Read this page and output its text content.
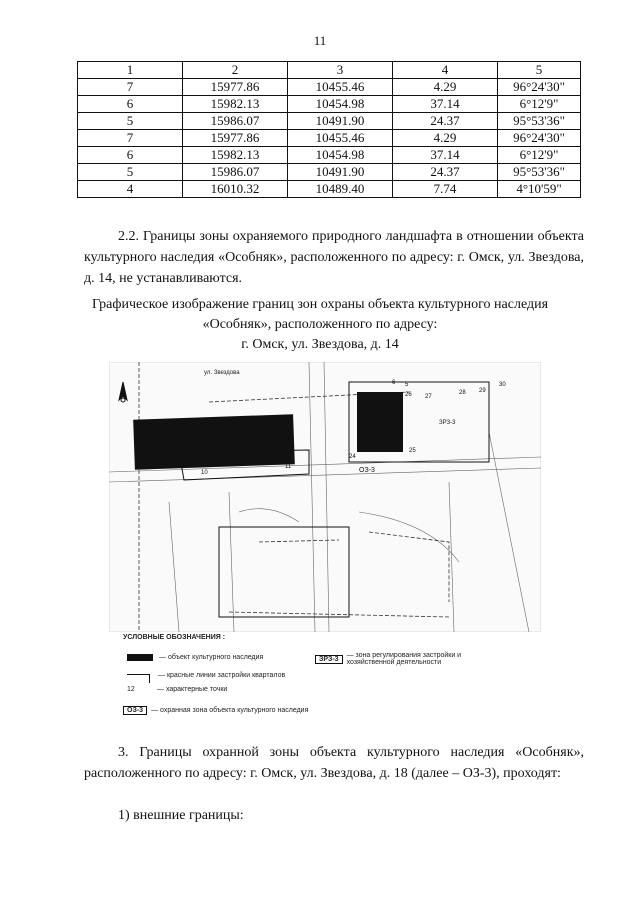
11
1	2	3	4	5
7	15977.86	10455.46	4.29	96°24'30"
6	15982.13	10454.98	37.14	6°12'9"
5	15986.07	10491.90	24.37	95°53'36"
7	15977.86	10455.46	4.29	96°24'30"
6	15982.13	10454.98	37.14	6°12'9"
5	15986.07	10491.90	24.37	95°53'36"
4	16010.32	10489.40	7.74	4°10'59"
2.2. Границы зоны охраняемого природного ландшафта в отношении объекта культурного наследия «Особняк», расположенного по адресу: г. Омск, ул. Звездова, д. 14, не устанавливаются.
Графическое изображение границ зон охраны объекта культурного наследия
«Особняк», расположенного по адресу:
г. Омск, ул. Звездова, д. 14
ул. Звездова
ОЗ-3
ЗРЗ-3
10
11
24
25
26 27
28 29
30
5
6
УСЛОВНЫЕ ОБОЗНАЧЕНИЯ :
— объект культурного наследия
— красные линии застройки кварталов
12	— характерные точки
ОЗ-3	— охранная зона объекта культурного наследия
ЗРЗ-3	— зона регулирования застройки и хозяйственной деятельности
3. Границы охранной зоны объекта культурного наследия «Особняк», расположенного по адресу: г. Омск, ул. Звездова, д. 18 (далее – ОЗ-3), проходят:
1) внешние границы:
